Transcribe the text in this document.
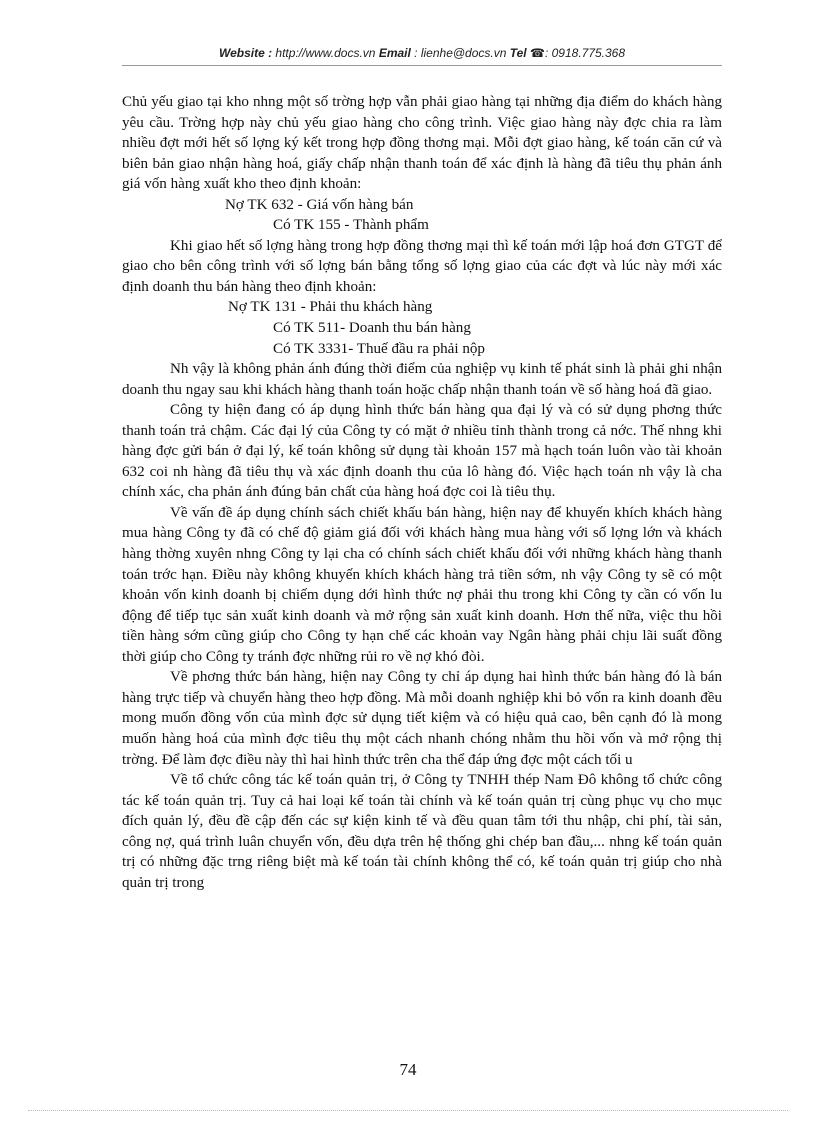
Website : http://www.docs.vn Email : lienhe@docs.vn Tel ☎: 0918.775.368

Chủ yếu giao tại kho nhng một số trờng hợp vẫn phải giao hàng tại những địa điểm do khách hàng yêu cầu. Trờng hợp này chủ yếu giao hàng cho công trình. Việc giao hàng này đợc chia ra làm nhiều đợt mới hết số lợng ký kết trong hợp đồng thơng mại. Mỗi đợt giao hàng, kế toán căn cứ và biên bản giao nhận hàng hoá, giấy chấp nhận thanh toán để xác định là hàng đã tiêu thụ phản ánh giá vốn hàng xuất kho theo định khoản:

Nợ TK 632 - Giá vốn hàng bán

Có TK 155 - Thành phẩm

Khi giao hết số lợng hàng trong hợp đồng thơng mại thì kế toán mới lập hoá đơn GTGT để giao cho bên công trình với số lợng bán bằng tổng số lợng giao của các đợt và lúc này mới xác định doanh thu bán hàng theo định khoản:

Nợ TK 131 - Phải thu khách hàng

Có TK 511- Doanh thu bán hàng

Có TK 3331- Thuế đầu ra phải nộp

Nh vậy là không phản ánh đúng thời điểm của nghiệp vụ kinh tế phát sinh là phải ghi nhận doanh thu ngay sau khi khách hàng thanh toán hoặc chấp nhận thanh toán về số hàng hoá đã giao.

Công ty hiện đang có áp dụng hình thức bán hàng qua đại lý và có sử dụng phơng thức thanh toán trả chậm. Các đại lý của Công ty có mặt ở nhiều tỉnh thành trong cả nớc. Thế nhng khi hàng đợc gửi bán ở đại lý, kế toán không sử dụng tài khoản 157 mà hạch toán luôn vào tài khoản 632 coi nh hàng đã tiêu thụ và xác định doanh thu của lô hàng đó. Việc hạch toán nh vậy là cha chính xác, cha phản ánh đúng bản chất của hàng hoá đợc coi là tiêu thụ.

Về vấn đề áp dụng chính sách chiết khấu bán hàng, hiện nay để khuyến khích khách hàng mua hàng Công ty đã có chế độ giảm giá đối với khách hàng mua hàng với số lợng lớn và khách hàng thờng xuyên nhng Công ty lại cha có chính sách chiết khấu đối với những khách hàng thanh toán trớc hạn. Điều này không khuyến khích khách hàng trả tiền sớm, nh vậy Công ty sẽ có một khoản vốn kinh doanh bị chiếm dụng dới hình thức nợ phải thu trong khi Công ty cần có vốn lu động để tiếp tục sản xuất kinh doanh và mở rộng sản xuất kinh doanh. Hơn thế nữa, việc thu hồi tiền hàng sớm cũng giúp cho Công ty hạn chế các khoản vay Ngân hàng phải chịu lãi suất đồng thời giúp cho Công ty tránh đợc những rủi ro về nợ khó đòi.

Về phơng thức bán hàng, hiện nay Công ty chỉ áp dụng hai hình thức bán hàng đó là bán hàng trực tiếp và chuyển hàng theo hợp đồng. Mà mỗi doanh nghiệp khi bỏ vốn ra kinh doanh đều mong muốn đồng vốn của mình đợc sử dụng tiết kiệm và có hiệu quả cao, bên cạnh đó là mong muốn hàng hoá của mình đợc tiêu thụ một cách nhanh chóng nhằm thu hồi vốn và mở rộng thị trờng. Để làm đợc điều này thì hai hình thức trên cha thể đáp ứng đợc một cách tối u

Về tổ chức công tác kế toán quản trị, ở Công ty TNHH thép Nam Đô không tổ chức công tác kế toán quản trị. Tuy cả hai loại kế toán tài chính và kế toán quản trị cùng phục vụ cho mục đích quản lý, đều đề cập đến các sự kiện kinh tế và đều quan tâm tới thu nhập, chi phí, tài sản, công nợ, quá trình luân chuyển vốn, đều dựa trên hệ thống ghi chép ban đầu,... nhng kế toán quản trị có những đặc trng riêng biệt mà kế toán tài chính không thể có, kế toán quản trị giúp cho nhà quản trị trong

74
